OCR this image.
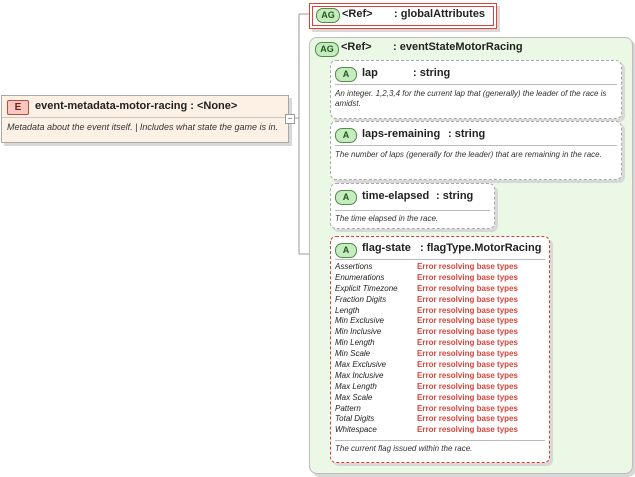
E	event-metadata-motor-racing : <None>
Metadata about the event itself. | Includes what state the game is in.
−
AG <Ref> : globalAttributes
AG <Ref> : eventStateMotorRacing
A	lap	: string
An integer. 1,2,3,4 for the current lap that (generally) the leader of the race is amidst.
A	laps-remaining : string
The number of laps (generally for the leader) that are remaining in the race.
A	time-elapsed : string
The time elapsed in the race.
A	flag-state : flagType.MotorRacing
Assertions	Error resolving base types
Enumerations	Error resolving base types
Explicit Timezone Error resolving base types
Fraction Digits	Error resolving base types
Length	Error resolving base types
Min Exclusive	Error resolving base types
Min Inclusive	Error resolving base types
Min Length	Error resolving base types
Min Scale	Error resolving base types
Max Exclusive	Error resolving base types
Max Inclusive	Error resolving base types
Max Length	Error resolving base types
Max Scale	Error resolving base types
Pattern	Error resolving base types
Total Digits	Error resolving base types
Whitespace	Error resolving base types
The current flag issued within the race.
